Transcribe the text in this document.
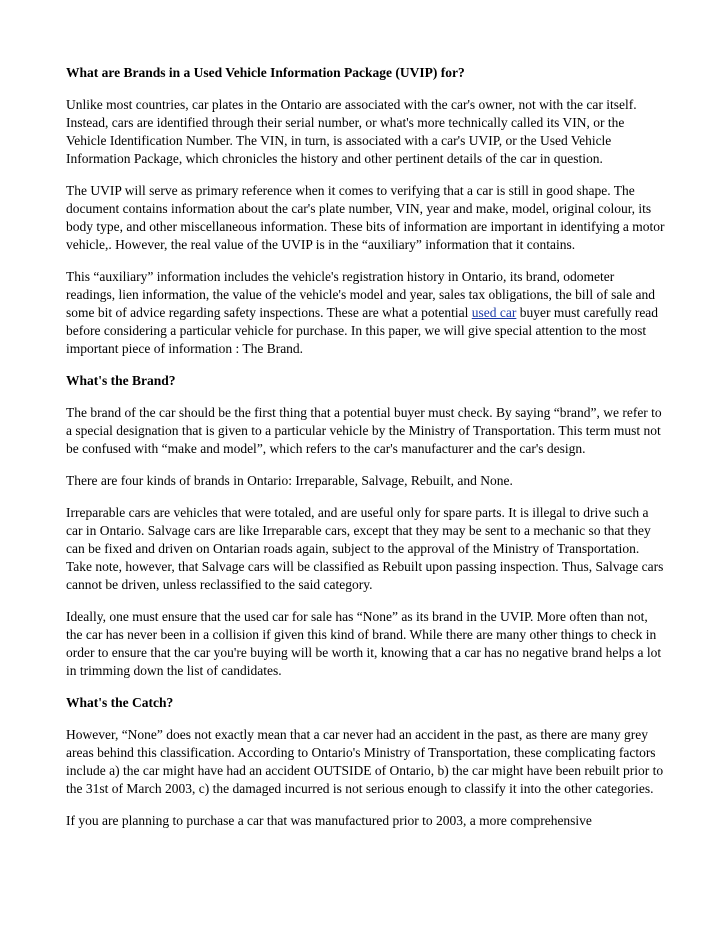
What are Brands in a Used Vehicle Information Package (UVIP) for?

Unlike most countries, car plates in the Ontario are associated with the car's owner, not with the car itself. Instead, cars are identified through their serial number, or what's more technically called its VIN, or the Vehicle Identification Number. The VIN, in turn, is associated with a car's UVIP, or the Used Vehicle Information Package, which chronicles the history and other pertinent details of the car in question.

The UVIP will serve as primary reference when it comes to verifying that a car is still in good shape. The document contains information about the car's plate number, VIN, year and make, model, original colour, its body type, and other miscellaneous information. These bits of information are important in identifying a motor vehicle,. However, the real value of the UVIP is in the “auxiliary” information that it contains.

This “auxiliary” information includes the vehicle's registration history in Ontario, its brand, odometer readings, lien information, the value of the vehicle's model and year, sales tax obligations, the bill of sale and some bit of advice regarding safety inspections. These are what a potential used car buyer must carefully read before considering a particular vehicle for purchase. In this paper, we will give special attention to the most important piece of information : The Brand.

What's the Brand?

The brand of the car should be the first thing that a potential buyer must check. By saying “brand”, we refer to a special designation that is given to a particular vehicle by the Ministry of Transportation. This term must not be confused with “make and model”, which refers to the car's manufacturer and the car's design.

There are four kinds of brands in Ontario: Irreparable, Salvage, Rebuilt, and None.

Irreparable cars are vehicles that were totaled, and are useful only for spare parts. It is illegal to drive such a car in Ontario. Salvage cars are like Irreparable cars, except that they may be sent to a mechanic so that they can be fixed and driven on Ontarian roads again, subject to the approval of the Ministry of Transportation. Take note, however, that Salvage cars will be classified as Rebuilt upon passing inspection. Thus, Salvage cars cannot be driven, unless reclassified to the said category.

Ideally, one must ensure that the used car for sale has “None” as its brand in the UVIP. More often than not, the car has never been in a collision if given this kind of brand. While there are many other things to check in order to ensure that the car you're buying will be worth it, knowing that a car has no negative brand helps a lot in trimming down the list of candidates.

What's the Catch?

However, “None” does not exactly mean that a car never had an accident in the past, as there are many grey areas behind this classification. According to Ontario's Ministry of Transportation, these complicating factors include a) the car might have had an accident OUTSIDE of Ontario, b) the car might have been rebuilt prior to the 31st of March 2003, c) the damaged incurred is not serious enough to classify it into the other categories.

If you are planning to purchase a car that was manufactured prior to 2003, a more comprehensive
